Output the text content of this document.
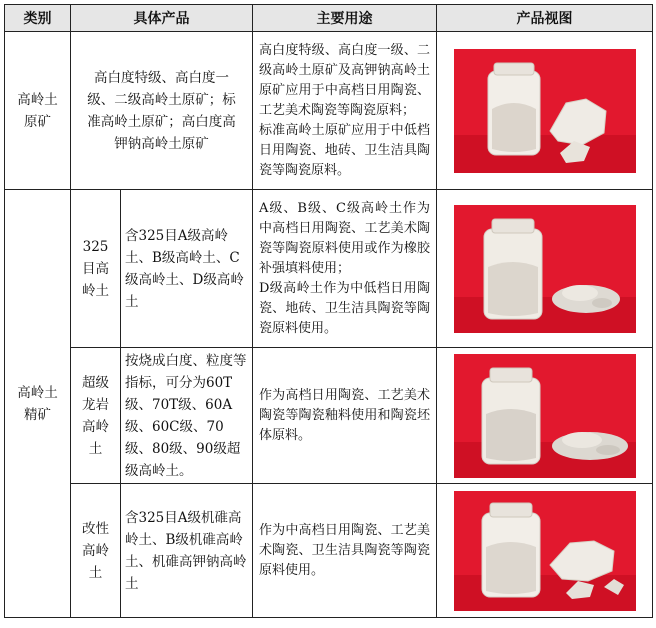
类别	具体产品		主要用途	产品视图

高岭土原矿	高白度特级、高白度一级、二级高岭土原矿；标准高岭土原矿；高白度高钾钠高岭土原矿		高白度特级、高白度一级、二级高岭土原矿及高钾钠高岭土原矿应用于中高档日用陶瓷、工艺美术陶瓷等陶瓷原料；
标准高岭土原矿应用于中低档日用陶瓷、地砖、卫生洁具陶瓷等陶瓷原料。

高岭土精矿	325目高岭土	含325目A级高岭土、B级高岭土、C级高岭土、D级高岭土	A级、B级、C级高岭土作为中高档日用陶瓷、工艺美术陶瓷等陶瓷原料使用或作为橡胶补强填料使用；
D级高岭土作为中低档日用陶瓷、地砖、卫生洁具陶瓷等陶瓷原料使用。

	超级龙岩高岭土	按烧成白度、粒度等指标，可分为60T级、70T级、60A级、60C级、70级、80级、90级超级高岭土。	作为高档日用陶瓷、工艺美术陶瓷等陶瓷釉料使用和陶瓷坯体原料。

	改性高岭土	含325目A级机碓高岭土、B级机碓高岭土、机碓高钾钠高岭土	作为中高档日用陶瓷、工艺美术陶瓷、卫生洁具陶瓷等陶瓷原料使用。
